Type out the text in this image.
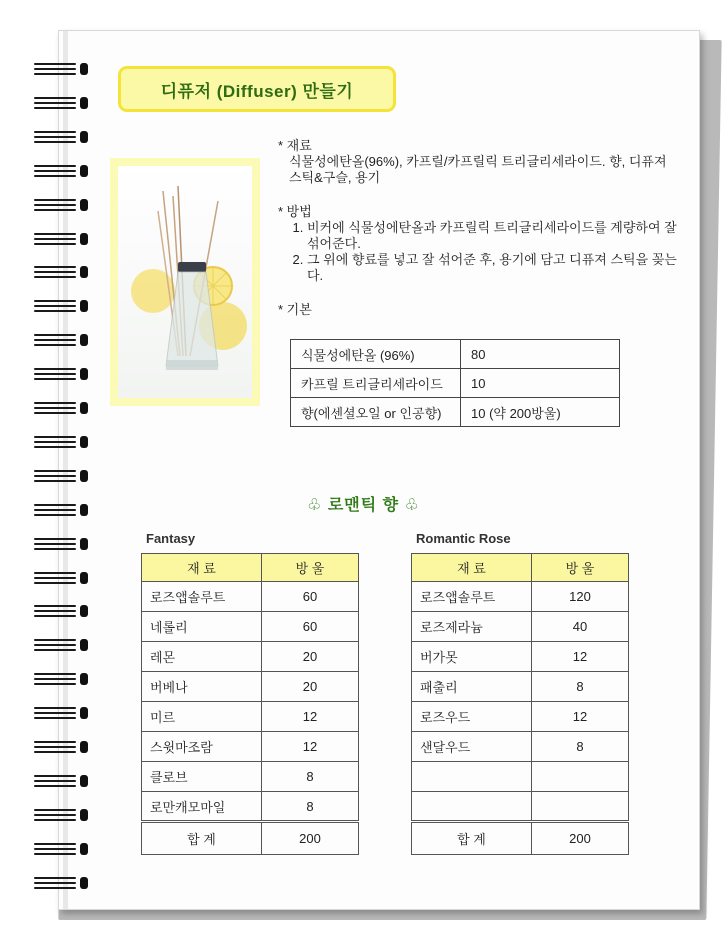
디퓨저 (Diffuser) 만들기

* 재료

식물성에탄올(96%), 카프릴/카프릴릭 트리글리세라이드. 향, 디퓨져스틱&구슬, 용기

* 방법

1. 비커에 식물성에탄올과 카프릴릭 트리글리세라이드를 계량하여 잘 섞어준다.
2. 그 위에 향료를 넣고 잘 섞어준 후, 용기에 담고 디퓨져 스틱을 꽂는다.

* 기본

식물성에탄올 (96%)	80
카프릴 트리글리세라이드	10
향(에센셜오일 or 인공향)	10 (약 200방울)
♧ 로맨틱 향 ♧
Fantasy
재 료	방 울
로즈앱솔루트	60
네롤리	60
레몬	20
버베나	20
미르	12
스윗마조람	12
클로브	8
로만캐모마일	8
합 계	200
Romantic Rose
재 료	방 울
로즈앱솔루트	120
로즈제라늄	40
버가못	12
패출리	8
로즈우드	12
샌달우드	8

합 계	200
